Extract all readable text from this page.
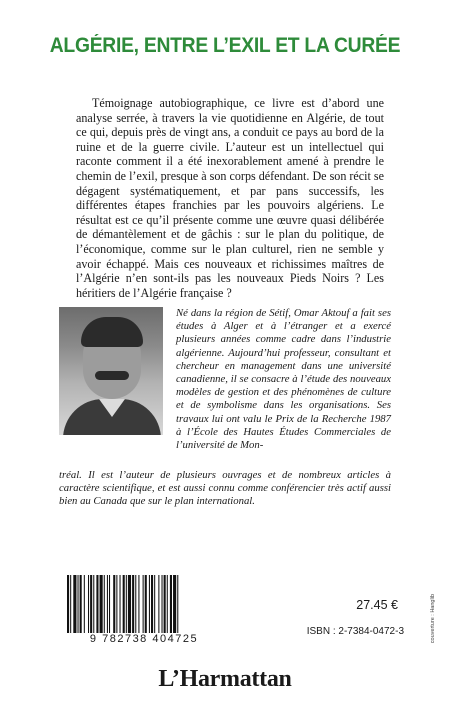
ALGÉRIE, ENTRE L’EXIL ET LA CURÉE
Témoignage autobiographique, ce livre est d’abord une analyse serrée, à travers la vie quotidienne en Algérie, de tout ce qui, depuis près de vingt ans, a conduit ce pays au bord de la ruine et de la guerre civile. L’auteur est un intellectuel qui raconte comment il a été inexorablement amené à prendre le chemin de l’exil, presque à son corps défendant. De son récit se dégagent systématiquement, et par pans successifs, les différentes étapes franchies par les pouvoirs algériens. Le résultat est ce qu’il présente comme une œuvre quasi délibérée de démantèlement et de gâchis : sur le plan du politique, de l’économique, comme sur le plan culturel, rien ne semble y avoir échappé. Mais ces nouveaux et richissimes maîtres de l’Algérie n’en sont-ils pas les nouveaux Pieds Noirs ? Les héritiers de l’Algérie française ?
Né dans la région de Sétif, Omar Aktouf a fait ses études à Alger et à l’étranger et a exercé plusieurs années comme cadre dans l’industrie algérienne. Aujourd’hui professeur, consultant et chercheur en management dans une université canadienne, il se consacre à l’étude des nouveaux modèles de gestion et des phénomènes de culture et de symbolisme dans les organisations. Ses travaux lui ont valu le Prix de la Recherche 1987 à l’École des Hautes Études Commerciales de l’université de Mon-
tréal. Il est l’auteur de plusieurs ouvrages et de nombreux articles à caractère scientifique, et est aussi connu comme conférencier très actif aussi bien au Canada que sur le plan international.
9 782738 404725
27.45 €
ISBN : 2-7384-0472-3
L’Harmattan
couverture : Hanglib
